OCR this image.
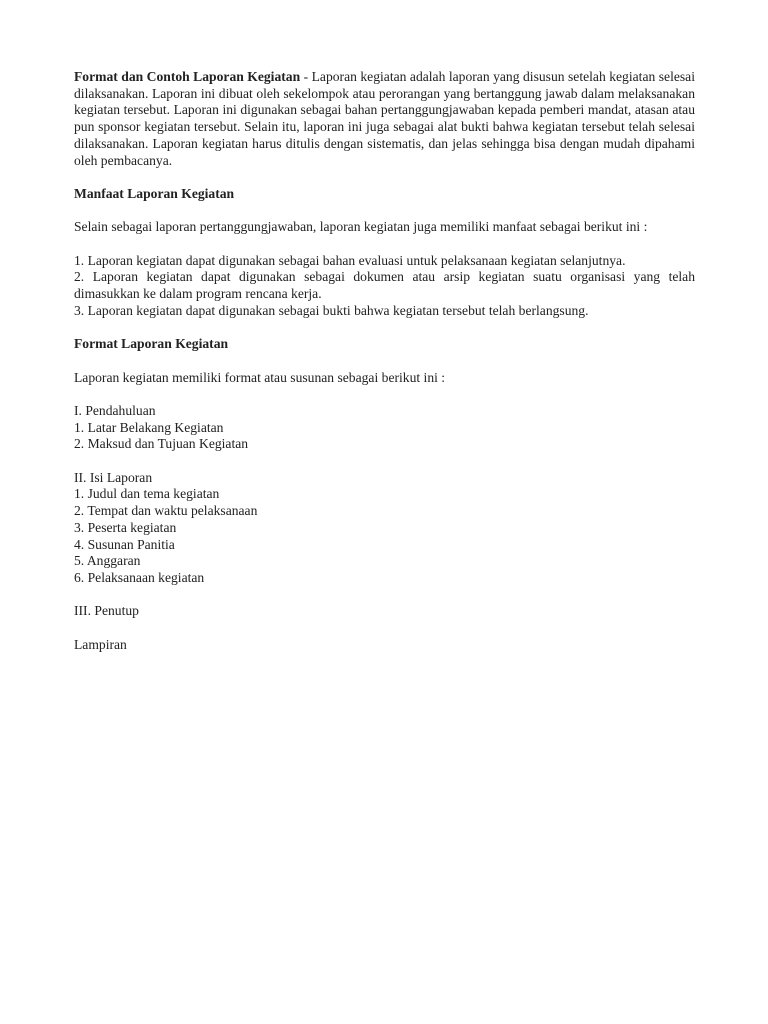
Format dan Contoh Laporan Kegiatan - Laporan kegiatan adalah laporan yang disusun setelah kegiatan selesai dilaksanakan. Laporan ini dibuat oleh sekelompok atau perorangan yang bertanggung jawab dalam melaksanakan kegiatan tersebut. Laporan ini digunakan sebagai bahan pertanggungjawaban kepada pemberi mandat, atasan atau pun sponsor kegiatan tersebut. Selain itu, laporan ini juga sebagai alat bukti bahwa kegiatan tersebut telah selesai dilaksanakan. Laporan kegiatan harus ditulis dengan sistematis, dan jelas sehingga bisa dengan mudah dipahami oleh pembacanya.

Manfaat Laporan Kegiatan

Selain sebagai laporan pertanggungjawaban, laporan kegiatan juga memiliki manfaat sebagai berikut ini :

1. Laporan kegiatan dapat digunakan sebagai bahan evaluasi untuk pelaksanaan kegiatan selanjutnya.
2. Laporan kegiatan dapat digunakan sebagai dokumen atau arsip kegiatan suatu organisasi yang telah dimasukkan ke dalam program rencana kerja.
3. Laporan kegiatan dapat digunakan sebagai bukti bahwa kegiatan tersebut telah berlangsung.

Format Laporan Kegiatan

Laporan kegiatan memiliki format atau susunan sebagai berikut ini :

I. Pendahuluan
1. Latar Belakang Kegiatan
2. Maksud dan Tujuan Kegiatan
II. Isi Laporan
1. Judul dan tema kegiatan
2. Tempat dan waktu pelaksanaan
3. Peserta kegiatan
4. Susunan Panitia
5. Anggaran
6. Pelaksanaan kegiatan

III. Penutup

Lampiran
